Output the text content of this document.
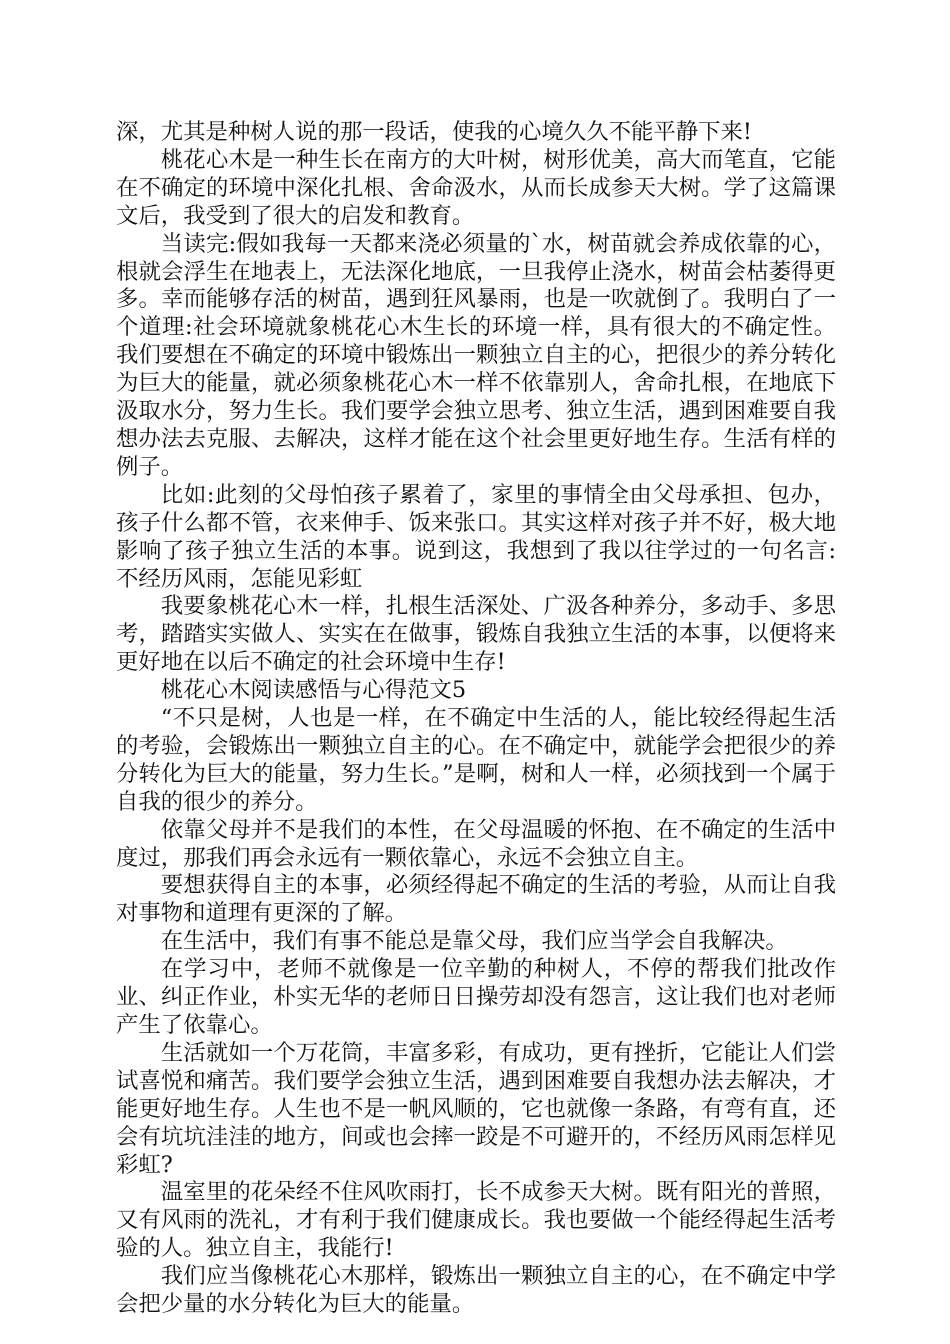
深，尤其是种树人说的那一段话，使我的心境久久不能平静下来!

桃花心木是一种生长在南方的大叶树，树形优美，高大而笔直，它能在不确定的环境中深化扎根、舍命汲水，从而长成参天大树。学了这篇课文后，我受到了很大的启发和教育。

当读完:假如我每一天都来浇必须量的`水，树苗就会养成依靠的心，根就会浮生在地表上，无法深化地底，一旦我停止浇水，树苗会枯萎得更多。幸而能够存活的树苗，遇到狂风暴雨，也是一吹就倒了。我明白了一个道理:社会环境就象桃花心木生长的环境一样，具有很大的不确定性。我们要想在不确定的环境中锻炼出一颗独立自主的心，把很少的养分转化为巨大的能量，就必须象桃花心木一样不依靠别人，舍命扎根，在地底下汲取水分，努力生长。我们要学会独立思考、独立生活，遇到困难要自我想办法去克服、去解决，这样才能在这个社会里更好地生存。生活有样的例子。

比如:此刻的父母怕孩子累着了，家里的事情全由父母承担、包办，孩子什么都不管，衣来伸手、饭来张口。其实这样对孩子并不好，极大地影响了孩子独立生活的本事。说到这，我想到了我以往学过的一句名言:不经历风雨，怎能见彩虹

我要象桃花心木一样，扎根生活深处、广汲各种养分，多动手、多思考，踏踏实实做人、实实在在做事，锻炼自我独立生活的本事，以便将来更好地在以后不确定的社会环境中生存!

桃花心木阅读感悟与心得范文5

“不只是树，人也是一样，在不确定中生活的人，能比较经得起生活的考验，会锻炼出一颗独立自主的心。在不确定中，就能学会把很少的养分转化为巨大的能量，努力生长。”是啊，树和人一样，必须找到一个属于自我的很少的养分。

依靠父母并不是我们的本性，在父母温暖的怀抱、在不确定的生活中度过，那我们再会永远有一颗依靠心，永远不会独立自主。

要想获得自主的本事，必须经得起不确定的生活的考验，从而让自我对事物和道理有更深的了解。

在生活中，我们有事不能总是靠父母，我们应当学会自我解决。

在学习中，老师不就像是一位辛勤的种树人，不停的帮我们批改作业、纠正作业，朴实无华的老师日日操劳却没有怨言，这让我们也对老师产生了依靠心。

生活就如一个万花筒，丰富多彩，有成功，更有挫折，它能让人们尝试喜悦和痛苦。我们要学会独立生活，遇到困难要自我想办法去解决，才能更好地生存。人生也不是一帆风顺的，它也就像一条路，有弯有直，还会有坑坑洼洼的地方，间或也会摔一跤是不可避开的，不经历风雨怎样见彩虹?

温室里的花朵经不住风吹雨打，长不成参天大树。既有阳光的普照，又有风雨的洗礼，才有利于我们健康成长。我也要做一个能经得起生活考验的人。独立自主，我能行!

我们应当像桃花心木那样，锻炼出一颗独立自主的心，在不确定中学会把少量的水分转化为巨大的能量。
